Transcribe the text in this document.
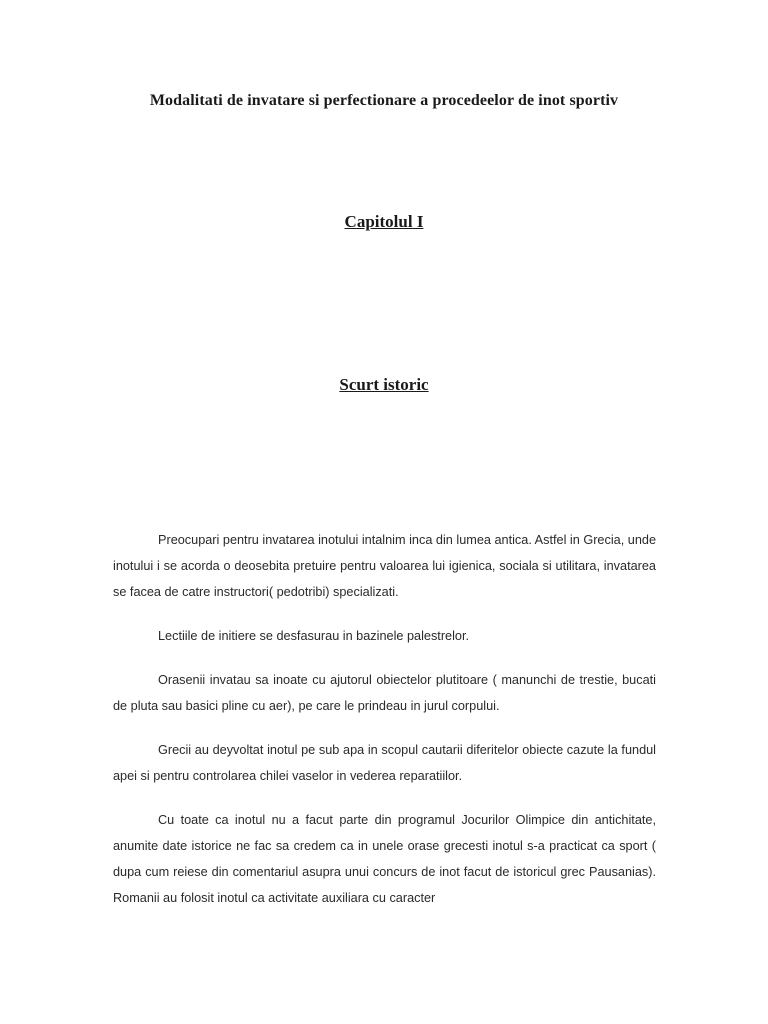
Modalitati de invatare si perfectionare a procedeelor de inot sportiv
Capitolul I
Scurt istoric

Preocupari pentru invatarea inotului intalnim inca din lumea antica. Astfel in Grecia, unde inotului i se acorda o deosebita pretuire pentru valoarea lui igienica, sociala si utilitara, invatarea se facea de catre instructori( pedotribi) specializati.

Lectiile de initiere se desfasurau in bazinele palestrelor.

Orasenii invatau sa inoate cu ajutorul obiectelor plutitoare ( manunchi de trestie, bucati de pluta sau basici pline cu aer), pe care le prindeau in jurul corpului.

Grecii au deyvoltat inotul pe sub apa in scopul cautarii diferitelor obiecte cazute la fundul apei si pentru controlarea chilei vaselor in vederea reparatiilor.

Cu toate ca inotul nu a facut parte din programul Jocurilor Olimpice din antichitate, anumite date istorice ne fac sa credem ca in unele orase grecesti inotul s-a practicat ca sport ( dupa cum reiese din comentariul asupra unui concurs de inot facut de istoricul grec Pausanias). Romanii au folosit inotul ca activitate auxiliara cu caracter
